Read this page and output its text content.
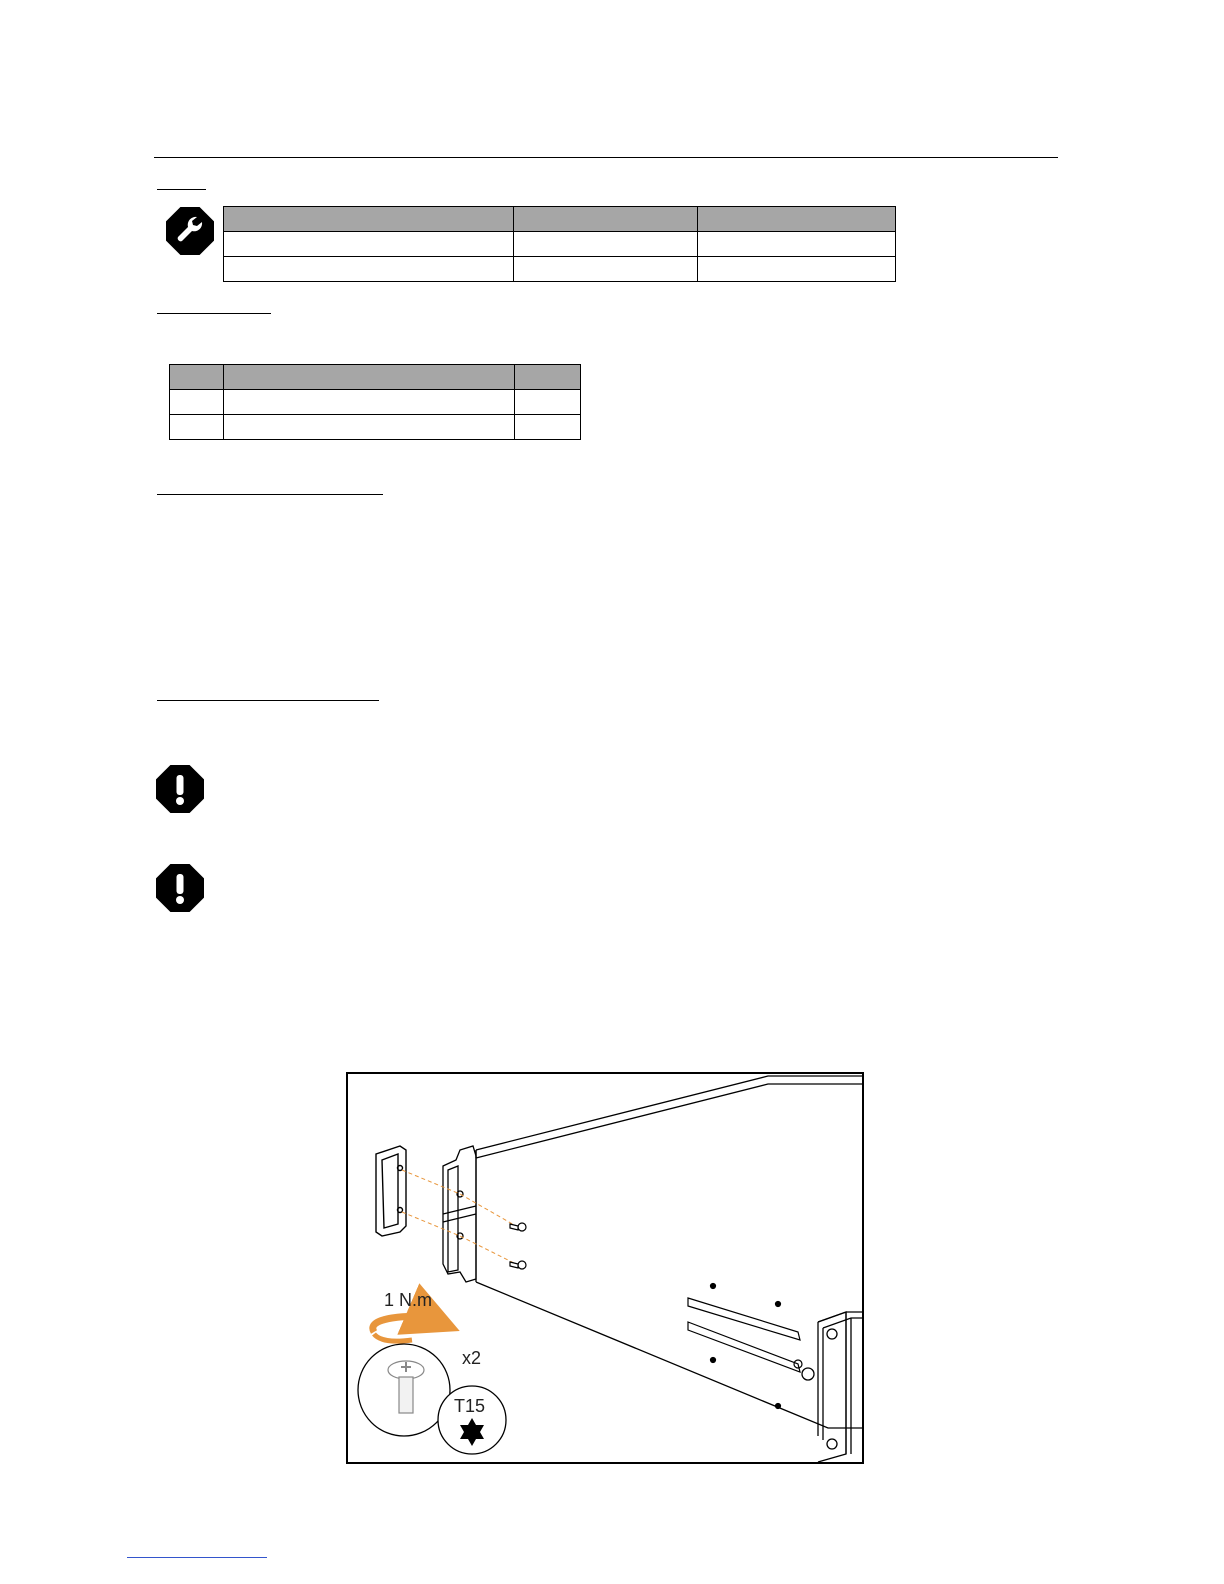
1 N.m
x2
T15
